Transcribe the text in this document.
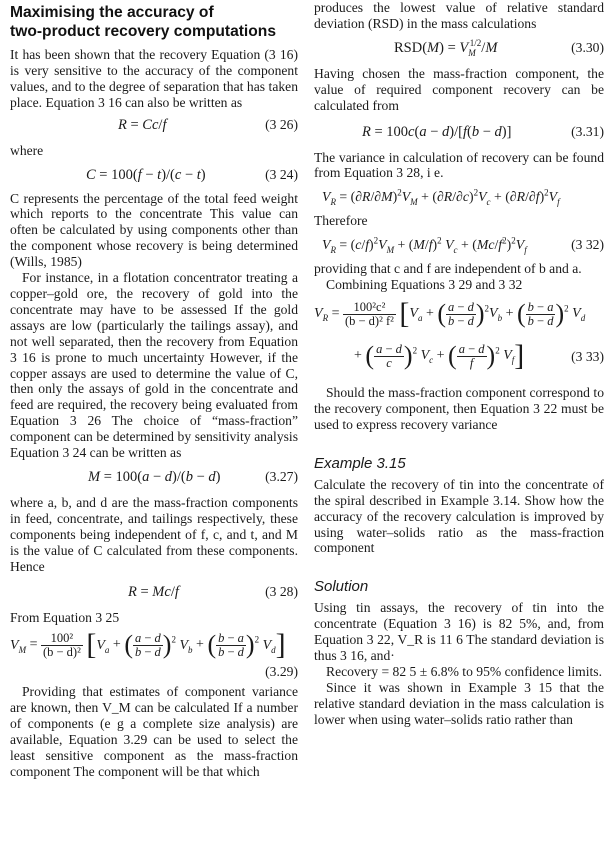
Maximising the accuracy of
two-product recovery computations

It has been shown that the recovery Equation (3 16) is very sensitive to the accuracy of the component values, and to the degree of separation that has taken place. Equation 3 16 can also be written as

R = Cc/f	(3 26)

where

C = 100(f − t)/(c − t)	(3 24)

C represents the percentage of the total feed weight which reports to the concentrate This value can often be calculated by using components other than the component whose recovery is being determined (Wills, 1985)

For instance, in a flotation concentrator treating a copper–gold ore, the recovery of gold into the concentrate may have to be assessed If the gold assays are low (particularly the tailings assay), and not well separated, then the recovery from Equation 3 16 is prone to much uncertainty However, if the copper assays are used to determine the value of C, then only the assays of gold in the concentrate and feed are required, the recovery being evaluated from Equation 3 26 The choice of “mass-fraction” component can be determined by sensitivity analysis Equation 3 24 can be written as

M = 100(a − d)/(b − d)	(3.27)

where a, b, and d are the mass-fraction components in feed, concentrate, and tailings respectively, these components being independent of f, c, and t, and M is the value of C calculated from these components. Hence

R = Mc/f	(3 28)

From Equation 3 25

$V_M = \frac{\text{100²}}{\text{(b − d)²}} [V_a$ + ( $\frac{a - d}{b - d} )^2$ $V_b$ + ( $\frac{b - a}{b - d} )^2$ $V_d$]
(3.29)

Providing that estimates of component variance are known, then V_M can be calculated If a number of components (e g a complete size analysis) are available, Equation 3.29 can be used to select the least sensitive component as the mass-fraction component The component will be that which

produces the lowest value of relative standard deviation (RSD) in the mass calculations

$RSD(M) = V_M^{1/2}/M$	(3.30)

Having chosen the mass-fraction component, the value of required component recovery can be calculated from

R = 100c(a − d)/[f(b − d)]	(3.31)

The variance in calculation of recovery can be found from Equation 3 28, i e.

$V_R = (\partial R/\partial M)^2V_M + (\partial R/\partial c)^2V_c + (\partial R/\partial f)^2V_f$

Therefore

$V_R = (c/f)^2V_M + (M/f)^2$ $V_c + (Mc/f^2)^2V_f$	(3 32)

providing that c and f are independent of b and a.

Combining Equations 3 29 and 3 32

$V_R = \frac{\text{100²c²}}{\text{(b − d)² f²}} [V_a$ + ( $\frac{a - d}{b - d} )^2V_b$ + ( $\frac{b - a}{b - d} )^2$ $V_d$
+ ( $\frac{a - d}{c} )^2$ $V_c$ + ( $\frac{a - d}{f} )^2$ $V_f$]	(3 33)

Should the mass-fraction component correspond to the recovery component, then Equation 3 22 must be used to express recovery variance

Example 3.15

Calculate the recovery of tin into the concentrate of the spiral described in Example 3.14. Show how the accuracy of the recovery calculation is improved by using water–solids ratio as the mass-fraction component

Solution

Using tin assays, the recovery of tin into the concentrate (Equation 3 16) is 82 5%, and, from Equation 3 22, V_R is 11 6 The standard deviation is thus 3 16, and·

Recovery = 82 5 ± 6.8% to 95% confidence limits.

Since it was shown in Example 3 15 that the relative standard deviation in the mass calculation is lower when using water–solids ratio rather than
